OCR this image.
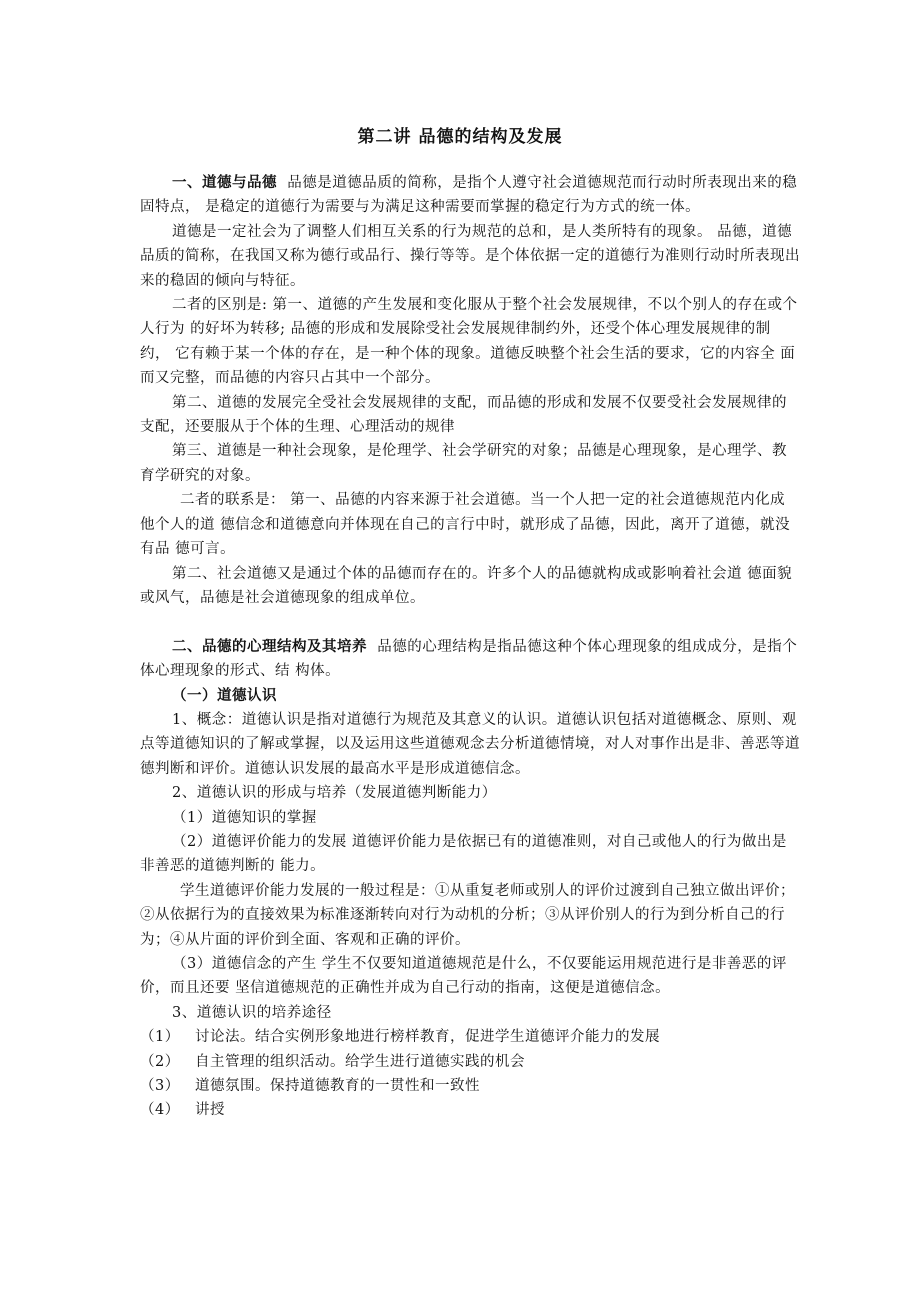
第二讲 品德的结构及发展

一、道德与品德 品德是道德品质的简称，是指个人遵守社会道德规范而行动时所表现出来的稳固特点， 是稳定的道德行为需要与为满足这种需要而掌握的稳定行为方式的统一体。

道德是一定社会为了调整人们相互关系的行为规范的总和，是人类所特有的现象。 品德，道德品质的简称，在我国又称为德行或品行、操行等等。是个体依据一定的道德行为准则行动时所表现出来的稳固的倾向与特征。

二者的区别是: 第一、道德的产生发展和变化服从于整个社会发展规律，不以个别人的存在或个人行为 的好坏为转移; 品德的形成和发展除受社会发展规律制约外，还受个体心理发展规律的制约， 它有赖于某一个体的存在，是一种个体的现象。道德反映整个社会生活的要求，它的内容全 面而又完整，而品德的内容只占其中一个部分。

第二、道德的发展完全受社会发展规律的支配，而品德的形成和发展不仅要受社会发展规律的支配，还要服从于个体的生理、心理活动的规律

第三、道德是一种社会现象，是伦理学、社会学研究的对象；品德是心理现象，是心理学、教育学研究的对象。

二者的联系是： 第一、品德的内容来源于社会道德。当一个人把一定的社会道德规范内化成他个人的道 德信念和道德意向并体现在自己的言行中时，就形成了品德，因此，离开了道德，就没有品 德可言。

第二、社会道德又是通过个体的品德而存在的。许多个人的品德就构成或影响着社会道 德面貌或风气，品德是社会道德现象的组成单位。

二、品德的心理结构及其培养 品德的心理结构是指品德这种个体心理现象的组成成分，是指个体心理现象的形式、结 构体。

（一）道德认识

1、概念：道德认识是指对道德行为规范及其意义的认识。道德认识包括对道德概念、原则、观点等道德知识的了解或掌握，以及运用这些道德观念去分析道德情境，对人对事作出是非、善恶等道德判断和评价。道德认识发展的最高水平是形成道德信念。

2、道德认识的形成与培养（发展道德判断能力）

（1）道德知识的掌握

（2）道德评价能力的发展 道德评价能力是依据已有的道德准则，对自己或他人的行为做出是非善恶的道德判断的 能力。

学生道德评价能力发展的一般过程是：①从重复老师或别人的评价过渡到自己独立做出评价；②从依据行为的直接效果为标准逐渐转向对行为动机的分析；③从评价别人的行为到分析自己的行为；④从片面的评价到全面、客观和正确的评价。

（3）道德信念的产生 学生不仅要知道道德规范是什么，不仅要能运用规范进行是非善恶的评价，而且还要 坚信道德规范的正确性并成为自己行动的指南，这便是道德信念。

3、道德认识的培养途径

（1） 讨论法。结合实例形象地进行榜样教育，促进学生道德评介能力的发展

（2） 自主管理的组织活动。给学生进行道德实践的机会

（3） 道德氛围。保持道德教育的一贯性和一致性

（4） 讲授
